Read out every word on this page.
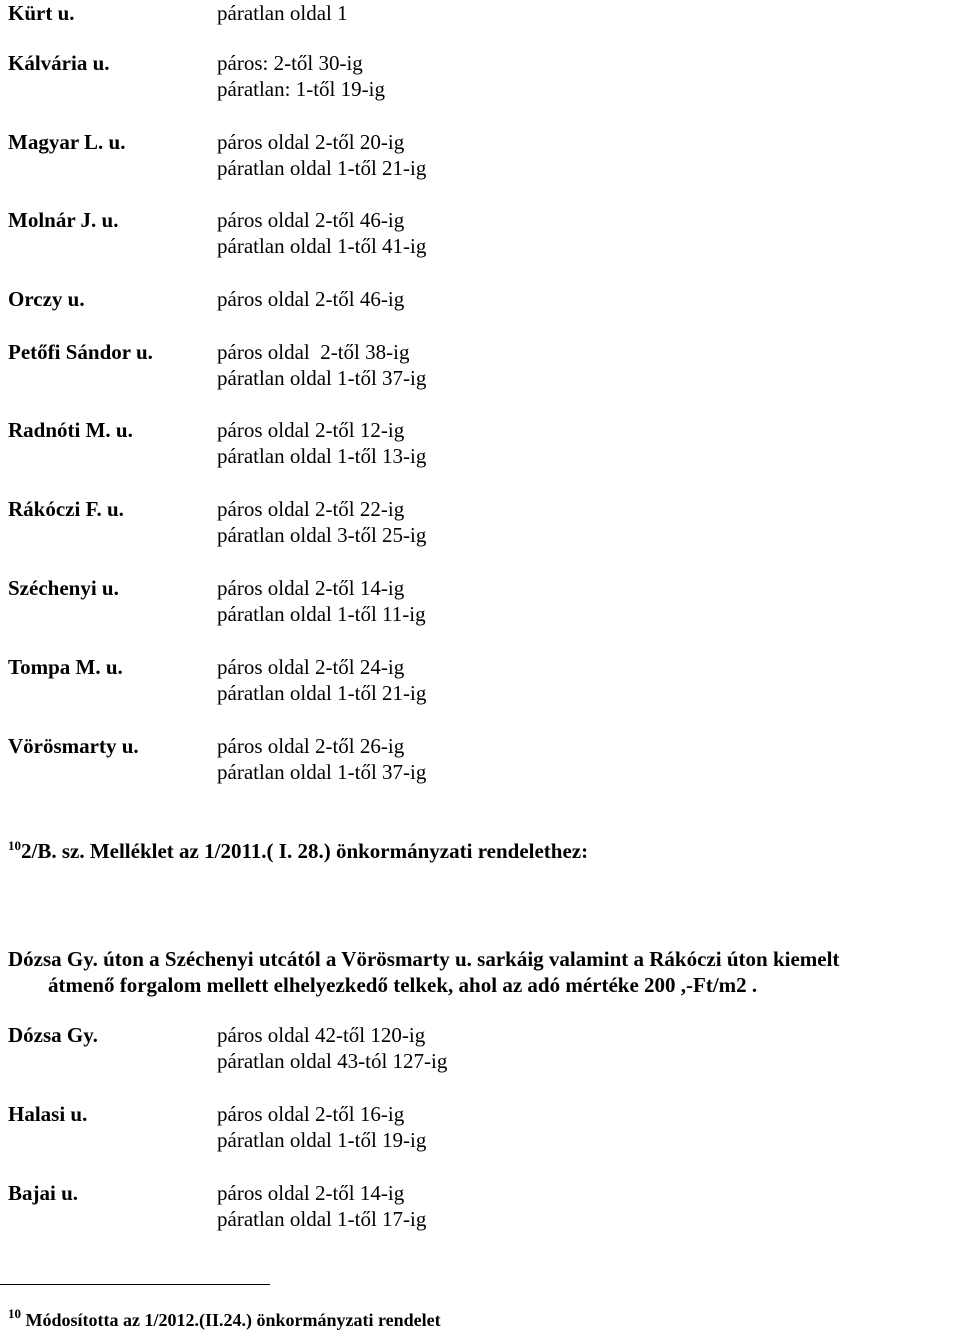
Kürt u.	páratlan oldal 1
Kálvária u.	páros: 2-től 30-ig
páratlan: 1-től 19-ig
Magyar L. u.	páros oldal 2-től 20-ig
páratlan oldal 1-től 21-ig
Molnár J. u.	páros oldal 2-től 46-ig
páratlan oldal 1-től 41-ig
Orczy u.	páros oldal 2-től 46-ig
Petőfi Sándor u.	páros oldal  2-től 38-ig
páratlan oldal 1-től 37-ig
Radnóti M. u.	páros oldal 2-től 12-ig
páratlan oldal 1-től 13-ig
Rákóczi F. u.	páros oldal 2-től 22-ig
páratlan oldal 3-től 25-ig
Széchenyi u.	páros oldal 2-től 14-ig
páratlan oldal 1-től 11-ig
Tompa M. u.	páros oldal 2-től 24-ig
páratlan oldal 1-től 21-ig
Vörösmarty u.	páros oldal 2-től 26-ig
páratlan oldal 1-től 37-ig
$^{10}$2/B. sz. Melléklet az 1/2011.( I. 28.) önkormányzati rendelethez:
Dózsa Gy. úton a Széchenyi utcától a Vörösmarty u. sarkáig valamint a Rákóczi úton kiemelt
átmenő forgalom mellett elhelyezkedő telkek, ahol az adó mértéke 200 ,-Ft/m2 .
Dózsa Gy.	páros oldal 42-től 120-ig
páratlan oldal 43-tól 127-ig
Halasi u.	páros oldal 2-től 16-ig
páratlan oldal 1-től 19-ig
Bajai u.	páros oldal 2-től 14-ig
páratlan oldal 1-től 17-ig
$^{10}$ Módosította az 1/2012.(II.24.) önkormányzati rendelet
